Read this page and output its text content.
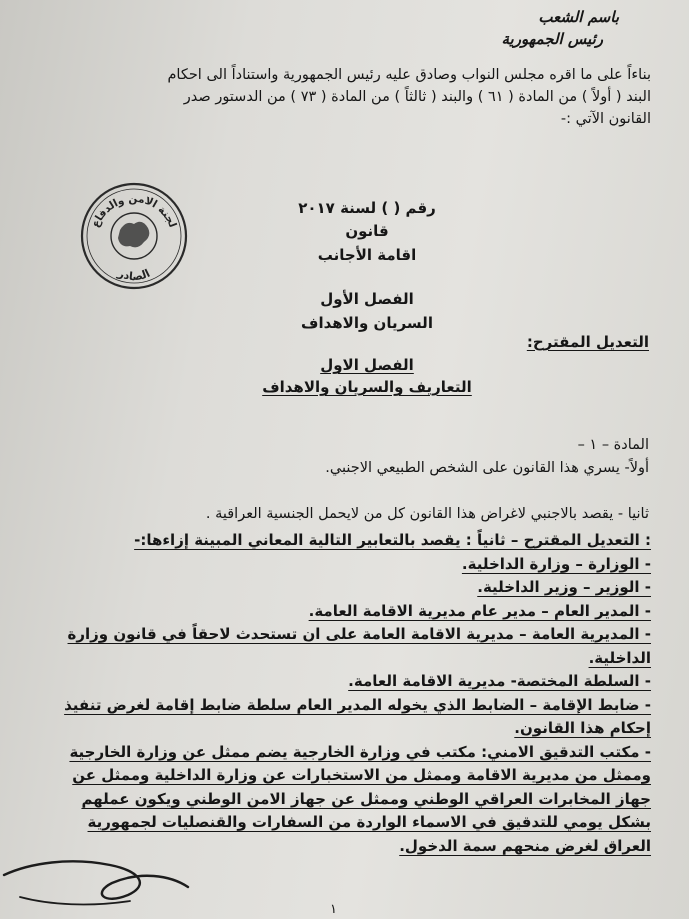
باسم الشعب
رئيس الجمهورية
بناءاً على ما اقره مجلس النواب وصادق عليه رئيس الجمهورية واستناداً الى احكام
البند ( أولاً ) من المادة ( ٦١ ) والبند ( ثالثاً ) من المادة ( ٧٣ ) من الدستور صدر
القانون الآتي :-
لجنة الامن والدفاع
الصادر
رقم ( ) لسنة ٢٠١٧
قانون
اقامة الأجانب
الفصل الأول
السريان والاهداف
التعديل المقترح:
الفصل الاول
التعاريف والسريان والاهداف
المادة – ١ –
أولاً- يسري هذا القانون على الشخص الطبيعي الاجنبي.
ثانيا - يقصد بالاجنبي لاغراض هذا القانون كل من لايحمل الجنسية العراقية .

: التعديل المقترح – ثانياً : يقصد بالتعابير التالية المعاني المبينة إزاءها:-

- الوزارة – وزارة الداخلية.

- الوزير – وزير الداخلية.

- المدير العام – مدير عام مديرية الاقامة العامة.

- المديرية العامة – مديرية الاقامة العامة على ان تستحدث لاحقاً في قانون وزارة

الداخلية.

- السلطة المختصة- مديرية الاقامة العامة.

- ضابط الإقامة – الضابط الذي يخوله المدير العام سلطة ضابط إقامة لغرض تنفيذ

إحكام هذا القانون.

- مكتب التدقيق الامني: مكتب في وزارة الخارجية يضم ممثل عن وزارة الخارجية

وممثل من مديرية الاقامة وممثل من الاستخبارات عن وزارة الداخلية وممثل عن

جهاز المخابرات العراقي الوطني وممثل عن جهاز الامن الوطني ويكون عملهم

بشكل يومي للتدقيق في الاسماء الواردة من السفارات والقنصليات لجمهورية

العراق لغرض منحهم سمة الدخول.

١
